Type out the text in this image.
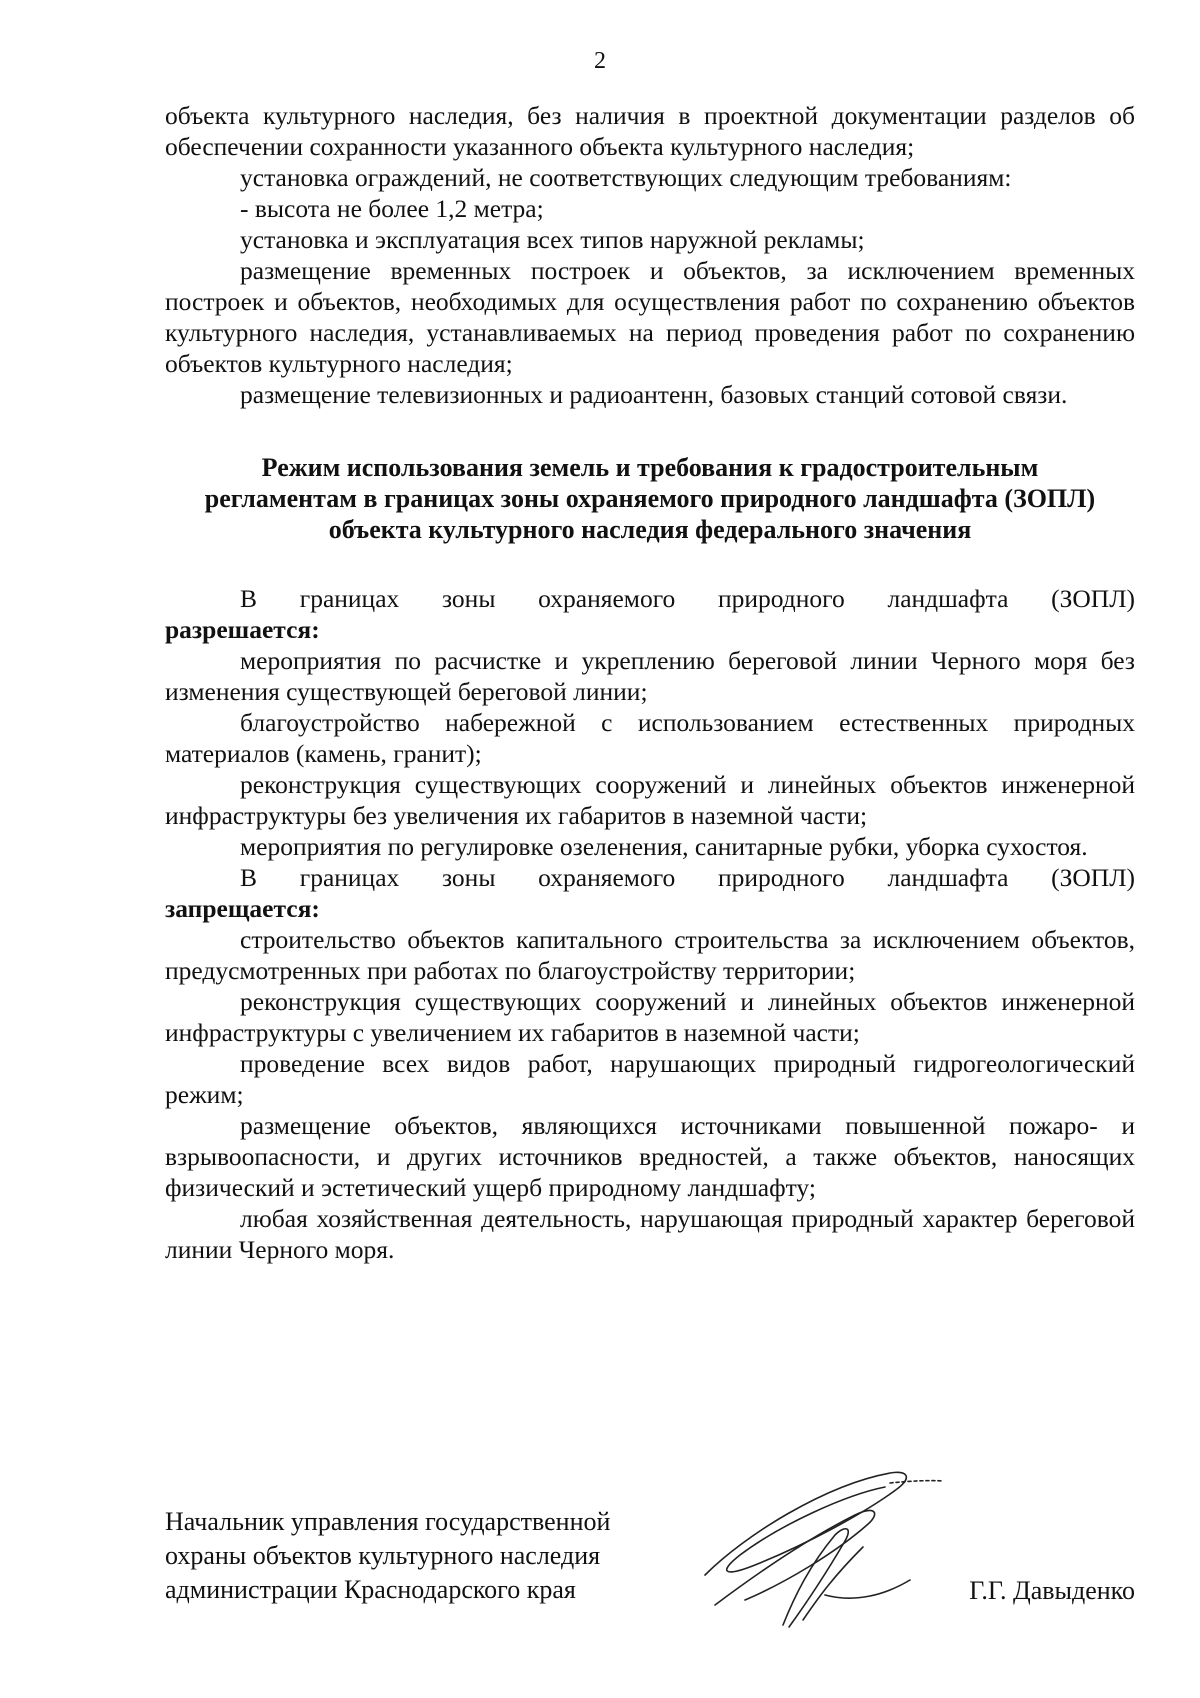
2

объекта культурного наследия, без наличия в проектной документации разделов об обеспечении сохранности указанного объекта культурного наследия;

установка ограждений, не соответствующих следующим требованиям:

- высота не более 1,2 метра;

установка и эксплуатация всех типов наружной рекламы;

размещение временных построек и объектов, за исключением временных построек и объектов, необходимых для осуществления работ по сохранению объектов культурного наследия, устанавливаемых на период проведения работ по сохранению объектов культурного наследия;

размещение телевизионных и радиоантенн, базовых станций сотовой связи.

Режим использования земель и требования к градостроительным
регламентам в границах зоны охраняемого природного ландшафта (ЗОПЛ)
объекта культурного наследия федерального значения

В границах зоны охраняемого природного ландшафта (ЗОПЛ)

разрешается:

мероприятия по расчистке и укреплению береговой линии Черного моря без изменения существующей береговой линии;

благоустройство набережной с использованием естественных природных материалов (камень, гранит);

реконструкция существующих сооружений и линейных объектов инженерной инфраструктуры без увеличения их габаритов в наземной части;

мероприятия по регулировке озеленения, санитарные рубки, уборка сухостоя.

В границах зоны охраняемого природного ландшафта (ЗОПЛ)

запрещается:

строительство объектов капитального строительства за исключением объектов, предусмотренных при работах по благоустройству территории;

реконструкция существующих сооружений и линейных объектов инженерной инфраструктуры с увеличением их габаритов в наземной части;

проведение всех видов работ, нарушающих природный гидрогеологический режим;

размещение объектов, являющихся источниками повышенной пожаро- и взрывоопасности, и других источников вредностей, а также объектов, наносящих физический и эстетический ущерб природному ландшафту;

любая хозяйственная деятельность, нарушающая природный характер береговой линии Черного моря.

Начальник управления государственной
охраны объектов культурного наследия
администрации Краснодарского края	Г.Г. Давыденко
